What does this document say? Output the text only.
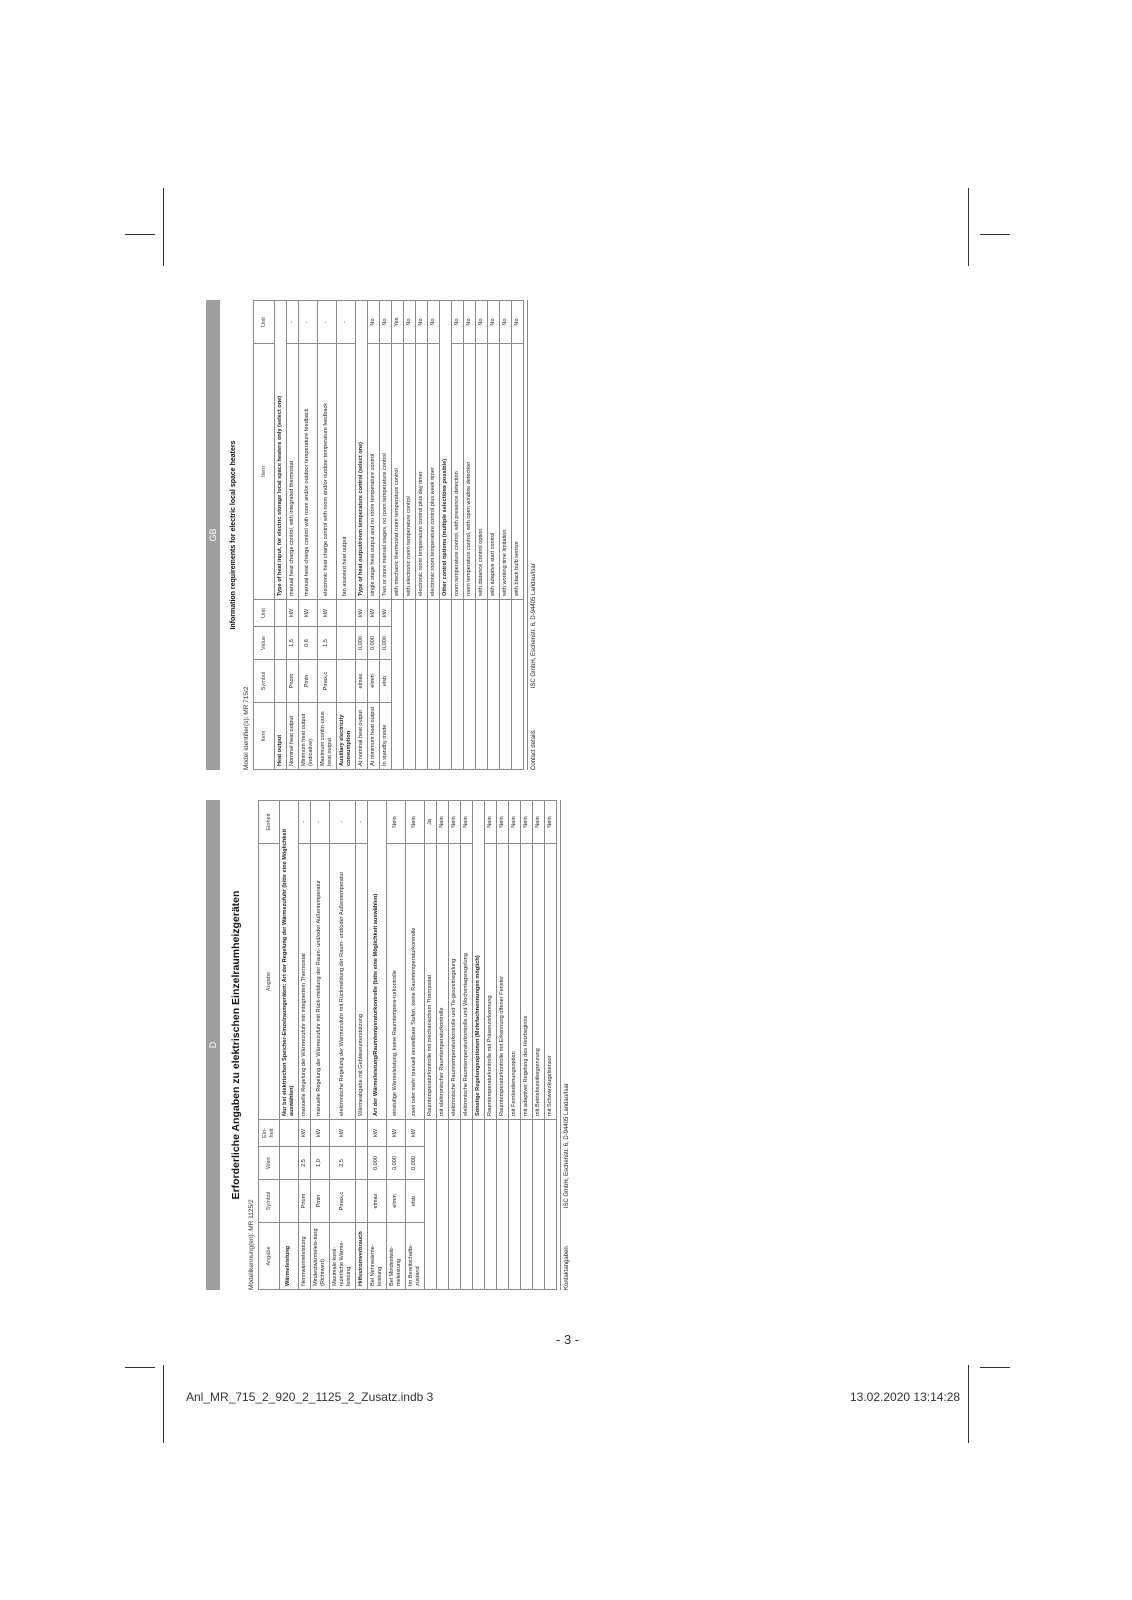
- 3 -
Anl_MR_715_2_920_2_1125_2_Zusatz.indb 3	13.02.2020 13:14:28
D Erforderliche Angaben zu elektrischen Einzelraumheizgeräten
Modellkennung(en): MR 1125/2 Angabe	Symbol	Wert	Ein- heit	Angabe	Einheit
Wärmeleistung				Nur bei elektrischen Speicher-Einzelraumgeräten: Art der Regelung der Wärmezufuhr (bitte eine Möglichkeit auswählen)	
Nennwärmeleistung	Pnom	2,5	kW	manuelle Regelung der Wärmezufuhr mit integriertem Thermostat	-
Mindestwärmeleis-tung (Richtwert)	Pmin	1,0	kW	manuelle Regelung der Wärmezufuhr mit Rück-meldung der Raum- und/oder Außentemperatur	-
Maximale konti-nuierliche Wärme-leistung	Pmax,c	2,5	kW	elektronische Regelung der Wärmezufuhr mit Rückmeldung der Raum- und/oder Außentemperatur	-
Hilfsstromverbrauch				Wärmeabgabe mit Gebläseunterstützung	-
Bei Nennwärme-leistung	elmax	0,000	kW	Art der Wärmeleistung/Raumtemperaturkontrolle (bitte eine Möglichkeit auswählen)	
Bei Mindestwär-meleistung	elmin	0,000	kW	einstufige Wärmeleistung, keine Raumtempera-turkontrolle	Nein
Im Bereitschafts-zustand	elsb	0,000	kW	zwei oder mehr manuell einstellbare Stufen, keine Raumtemperaturkontrolle	Nein
				Raumtemperaturkontrolle mit mechanischem Thermostat	Ja
				mit elektronischer Raumtemperaturkontrolle	Nein
				elektronische Raumtemperaturkontrolle und Ta-geszeitregelung	Nein
				elektronische Raumtemperaturkontrolle und Wochentagsregelung	Nein
				Sonstige Regelungsoptionen (Mehrfachnennungen möglich)	
				Raumtemperaturkontrolle mit Präsenzerkennung	Nein
				Raumtemperaturkontrolle mit Erkennung offener Fenster	Nein
				mit Fernbedienungsoption	Nein
				mit adaptiver Regelung des Heizbeginns	Nein
				mit Betriebszeitbegrenzung	Nein
				mit Schwarzkugelsensor	Nein
Kontaktangaben ISC GmbH, Eschenstr. 6, D-94405 Landau/Isar
GB Information requirements for electric local space heaters
Model identifier(s): MR 715/2 Item	Symbol	Value	Unit	Item	Unit
Heat output				Type of heat input, for electric storage local space heaters only (select one)	
Nominal heat output	Pnom	1,5	kW	manual heat charge control, with integrated thermostat	-
Minimum heat output (indicative)	Pmin	0,6	kW	manual heat charge control with room and/or outdoor temperature feedback	-
Maximum contin-uous heat output	Pmax,c	1,5	kW	electronic heat charge control with room and/or outdoor temperature feedback	-
Auxiliary electricity consumption				fan assisted heat output	-
At nominal heat output	elmax	0,000	kW	Type of heat output/room temperature control (select one)	
At minimum heat output	elmin	0,000	kW	single stage heat output and no room temperature control	No
In standby mode	elsb	0,000	kW	Two or more manual stages, no room temperature control	No
				with mechanic thermostat room temperature control	Yes
				with electronic room temperature control	No
				electronic room temperature control plus day timer	No
				electronic room temperature control plus week timer	No
				Other control options (multiple selections possible)	
				room temperature control, with presence detection	No
				room temperature control, with open window detection	No
				with distance control option	No
				with adaptive start control	No
				with working time limitation	No
				with black bulb sensor	No
Contact details ISC GmbH, Eschenstr. 6, D-94405 Landau/Isar
